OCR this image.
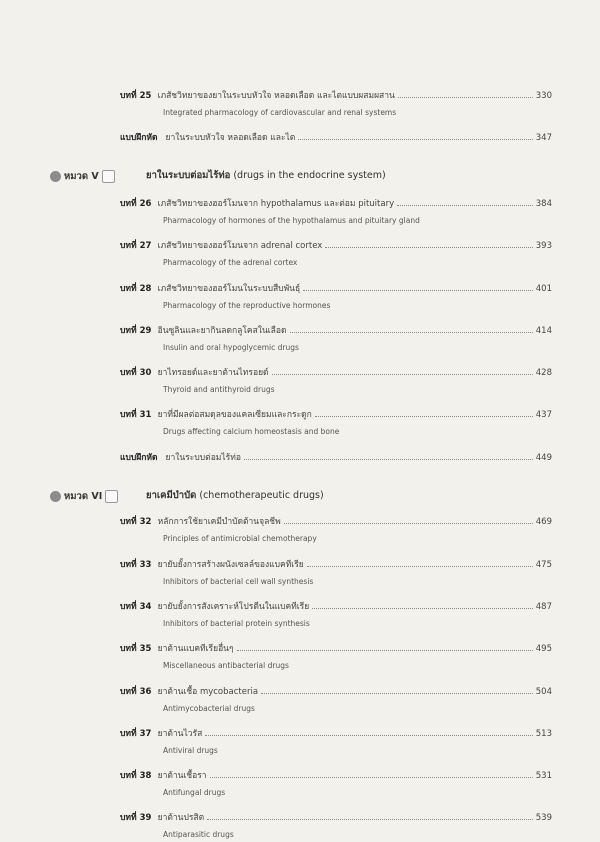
บทที่ 25 เภสัชวิทยาของยาในระบบหัวใจ หลอดเลือด และไตแบบผสมผสาน	330
Integrated pharmacology of cardiovascular and renal systems
แบบฝึกหัด ยาในระบบหัวใจ หลอดเลือด และไต	347
หมวด V	ยาในระบบต่อมไร้ท่อ (drugs in the endocrine system)
บทที่ 26 เภสัชวิทยาของฮอร์โมนจาก hypothalamus และต่อม pituitary	384
Pharmacology of hormones of the hypothalamus and pituitary gland
บทที่ 27 เภสัชวิทยาของฮอร์โมนจาก adrenal cortex	393
Pharmacology of the adrenal cortex
บทที่ 28 เภสัชวิทยาของฮอร์โมนในระบบสืบพันธุ์	401
Pharmacology of the reproductive hormones
บทที่ 29 อินซูลินและยากินลดกลูโคสในเลือด	414
Insulin and oral hypoglycemic drugs
บทที่ 30 ยาไทรอยด์และยาต้านไทรอยด์	428
Thyroid and antithyroid drugs
บทที่ 31 ยาที่มีผลต่อสมดุลของแคลเซียมและกระดูก	437
Drugs affecting calcium homeostasis and bone
แบบฝึกหัด ยาในระบบต่อมไร้ท่อ	449
หมวด VI	ยาเคมีบำบัด (chemotherapeutic drugs)
บทที่ 32 หลักการใช้ยาเคมีบำบัดต้านจุลชีพ	469
Principles of antimicrobial chemotherapy
บทที่ 33 ยายับยั้งการสร้างผนังเซลล์ของแบคทีเรีย	475
Inhibitors of bacterial cell wall synthesis
บทที่ 34 ยายับยั้งการสังเคราะห์โปรตีนในแบคทีเรีย	487
Inhibitors of bacterial protein synthesis
บทที่ 35 ยาต้านแบคทีเรียอื่นๆ	495
Miscellaneous antibacterial drugs
บทที่ 36 ยาต้านเชื้อ mycobacteria	504
Antimycobacterial drugs
บทที่ 37 ยาต้านไวรัส	513
Antiviral drugs
บทที่ 38 ยาต้านเชื้อรา	531
Antifungal drugs
บทที่ 39 ยาต้านปรสิต	539
Antiparasitic drugs
